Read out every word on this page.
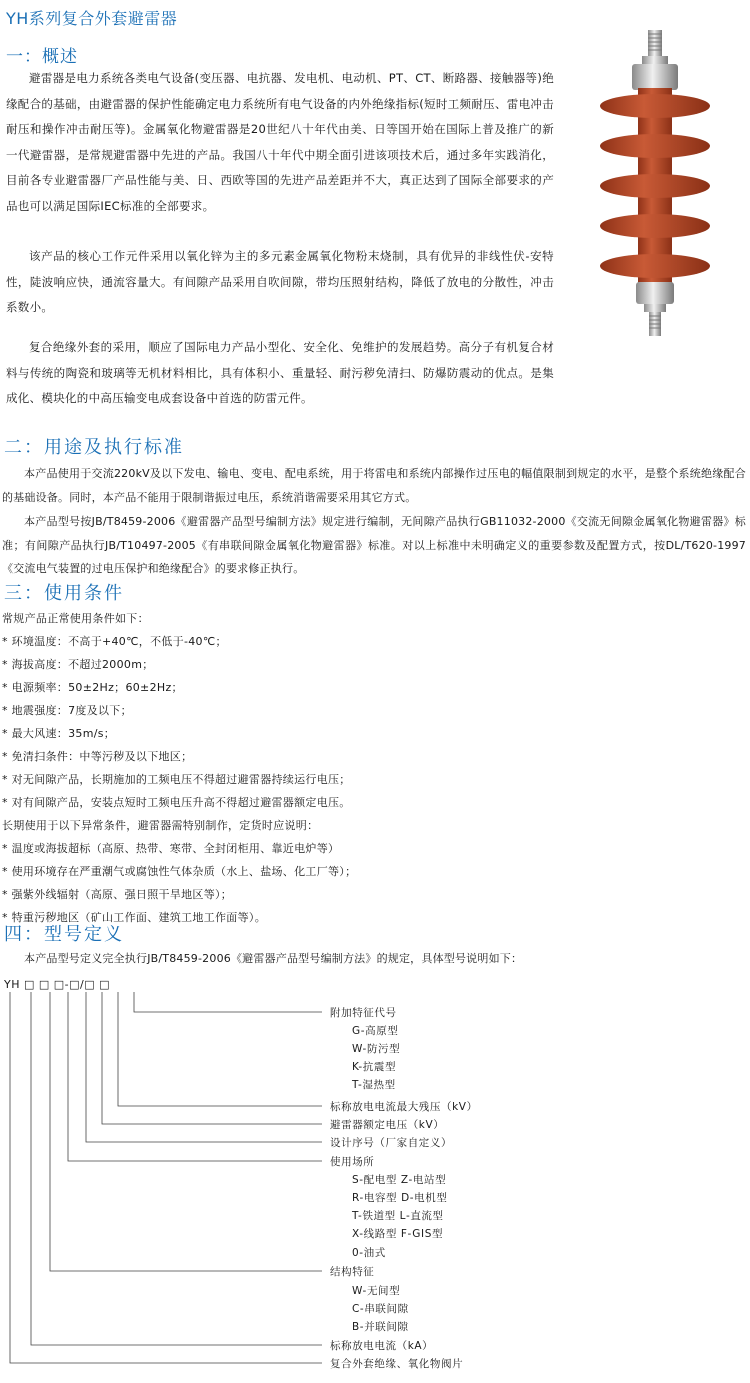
YH系列复合外套避雷器
一：概述
避雷器是电力系统各类电气设备(变压器、电抗器、发电机、电动机、PT、CT、断路器、接触器等)绝缘配合的基础，由避雷器的保护性能确定电力系统所有电气设备的内外绝缘指标(短时工频耐压、雷电冲击耐压和操作冲击耐压等)。金属氧化物避雷器是20世纪八十年代由美、日等国开始在国际上普及推广的新一代避雷器，是常规避雷器中先进的产品。我国八十年代中期全面引进该项技术后，通过多年实践消化，目前各专业避雷器厂产品性能与美、日、西欧等国的先进产品差距并不大，真正达到了国际全部要求的产品也可以满足国际IEC标准的全部要求。
该产品的核心工作元件采用以氧化锌为主的多元素金属氧化物粉末烧制，具有优异的非线性伏-安特性，陡波响应快，通流容量大。有间隙产品采用自吹间隙，带均压照射结构，降低了放电的分散性，冲击系数小。
复合绝缘外套的采用，顺应了国际电力产品小型化、安全化、免维护的发展趋势。高分子有机复合材料与传统的陶瓷和玻璃等无机材料相比，具有体积小、重量轻、耐污秽免清扫、防爆防震动的优点。是集成化、模块化的中高压输变电成套设备中首选的防雷元件。
二：用途及执行标准
本产品使用于交流220kV及以下发电、输电、变电、配电系统，用于将雷电和系统内部操作过压电的幅值限制到规定的水平，是整个系统绝缘配合的基础设备。同时，本产品不能用于限制谐振过电压，系统消谐需要采用其它方式。
本产品型号按JB/T8459-2006《避雷器产品型号编制方法》规定进行编制，无间隙产品执行GB11032-2000《交流无间隙金属氧化物避雷器》标准；有间隙产品执行JB/T10497-2005《有串联间隙金属氧化物避雷器》标准。对以上标准中未明确定义的重要参数及配置方式，按DL/T620-1997《交流电气装置的过电压保护和绝缘配合》的要求修正执行。
三：使用条件
常规产品正常使用条件如下：
* 环境温度：不高于+40℃，不低于-40℃；
* 海拔高度：不超过2000m；
* 电源频率：50±2Hz；60±2Hz；
* 地震强度：7度及以下；
* 最大风速：35m/s；
* 免清扫条件：中等污秽及以下地区；
* 对无间隙产品，长期施加的工频电压不得超过避雷器持续运行电压；
* 对有间隙产品，安装点短时工频电压升高不得超过避雷器额定电压。
长期使用于以下异常条件，避雷器需特别制作，定货时应说明：
* 温度或海拔超标（高原、热带、寒带、全封闭柜用、靠近电炉等）
* 使用环境存在严重潮气或腐蚀性气体杂质（水上、盐场、化工厂等）；
* 强紫外线辐射（高原、强日照干旱地区等）；
* 特重污秽地区（矿山工作面、建筑工地工作面等）。
四：型号定义
本产品型号定义完全执行JB/T8459-2006《避雷器产品型号编制方法》的规定，具体型号说明如下：
YH □ □ □-□/□ □
附加特征代号
G-高原型
W-防污型
K-抗震型
T-湿热型
标称放电电流最大残压（kV）
避雷器额定电压（kV）
设计序号（厂家自定义）
使用场所
S-配电型 Z-电站型
R-电容型 D-电机型
T-铁道型 L-直流型
X-线路型 F-GIS型
0-油式
结构特征
W-无间型
C-串联间隙
B-并联间隙
标称放电电流（kA）
复合外套绝缘、氧化物阀片
